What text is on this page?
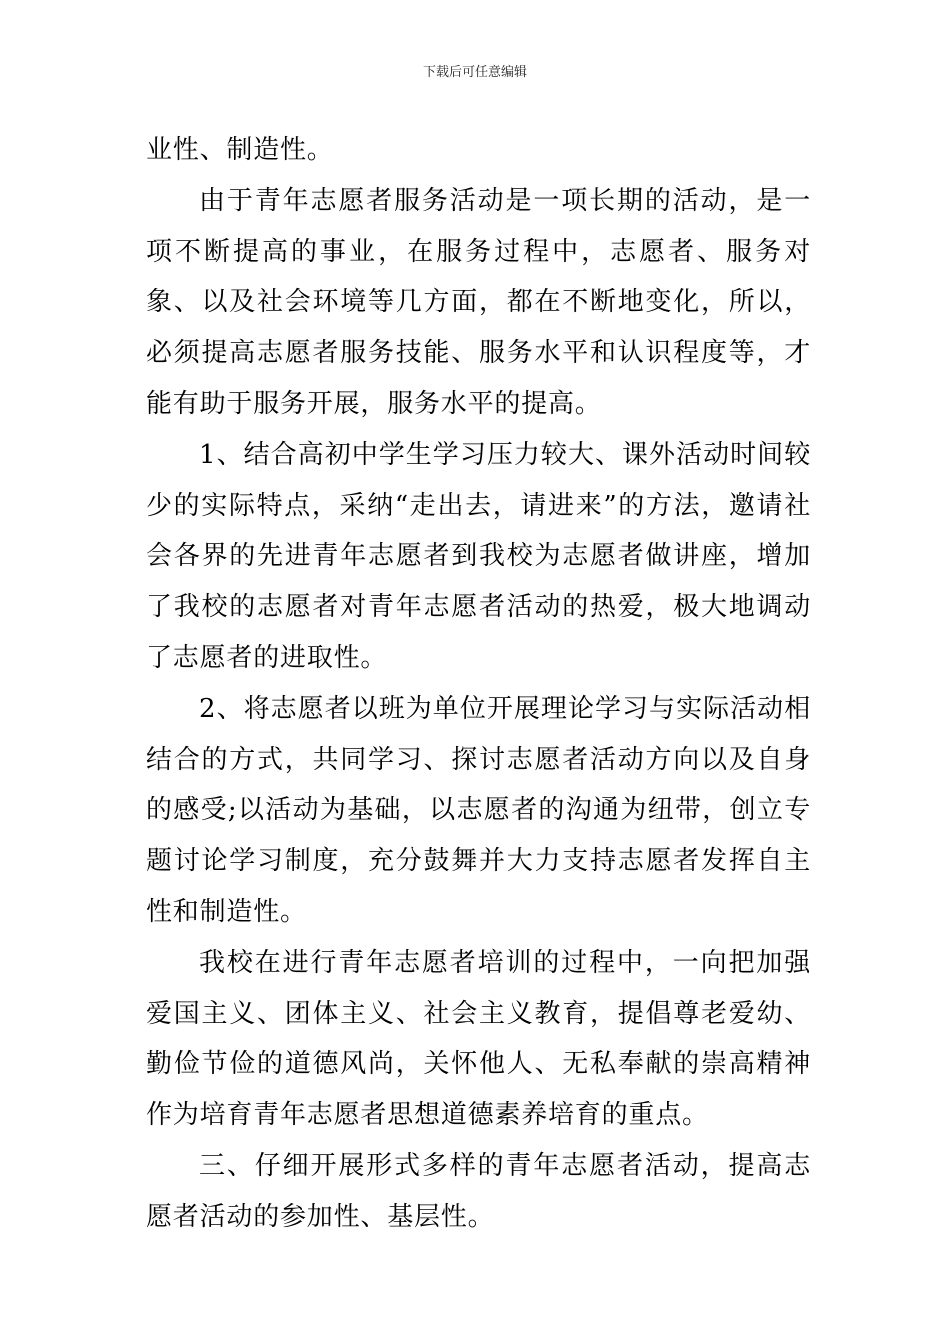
下载后可任意编辑

业性、制造性。

由于青年志愿者服务活动是一项长期的活动，是一项不断提高的事业，在服务过程中，志愿者、服务对象、以及社会环境等几方面，都在不断地变化，所以，必须提高志愿者服务技能、服务水平和认识程度等，才能有助于服务开展，服务水平的提高。

1、结合高初中学生学习压力较大、课外活动时间较少的实际特点，采纳“走出去，请进来”的方法，邀请社会各界的先进青年志愿者到我校为志愿者做讲座，增加了我校的志愿者对青年志愿者活动的热爱，极大地调动了志愿者的进取性。

2、将志愿者以班为单位开展理论学习与实际活动相结合的方式，共同学习、探讨志愿者活动方向以及自身的感受;以活动为基础，以志愿者的沟通为纽带，创立专题讨论学习制度，充分鼓舞并大力支持志愿者发挥自主性和制造性。

我校在进行青年志愿者培训的过程中，一向把加强爱国主义、团体主义、社会主义教育，提倡尊老爱幼、勤俭节俭的道德风尚，关怀他人、无私奉献的崇高精神作为培育青年志愿者思想道德素养培育的重点。

三、仔细开展形式多样的青年志愿者活动，提高志愿者活动的参加性、基层性。
